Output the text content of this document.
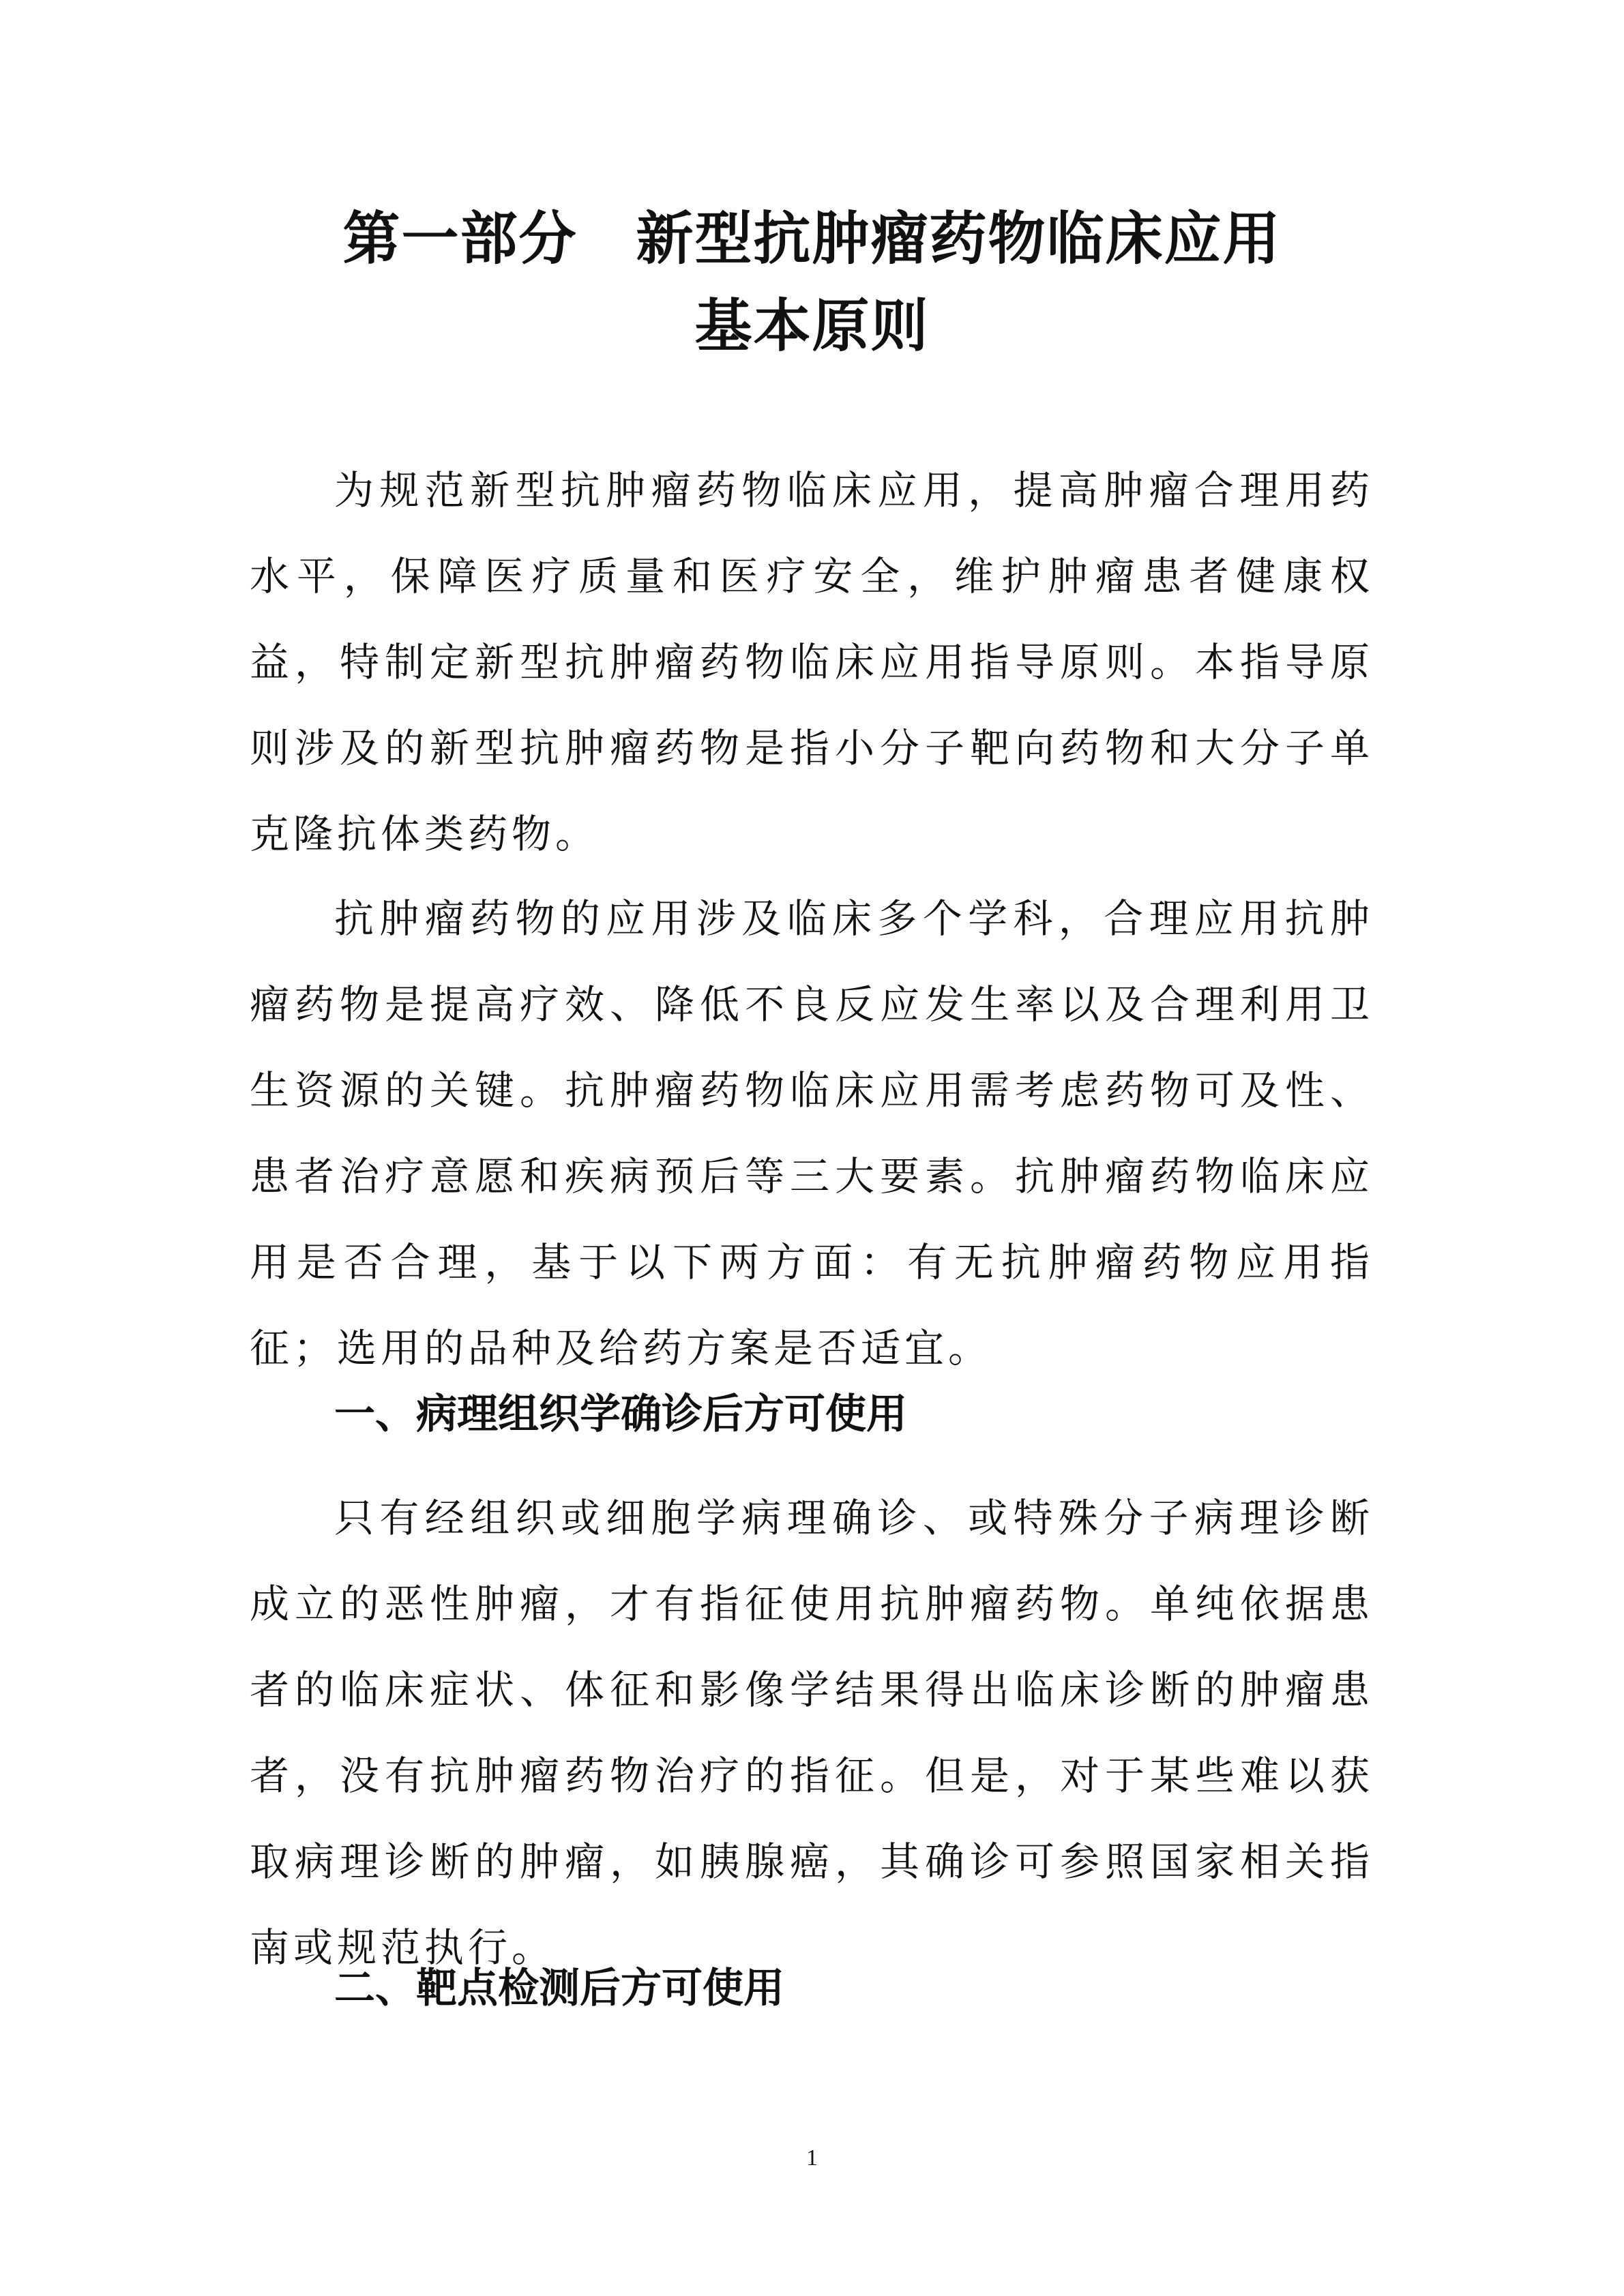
第一部分　新型抗肿瘤药物临床应用
基本原则

为规范新型抗肿瘤药物临床应用，提高肿瘤合理用药水平，保障医疗质量和医疗安全，维护肿瘤患者健康权益，特制定新型抗肿瘤药物临床应用指导原则。本指导原则涉及的新型抗肿瘤药物是指小分子靶向药物和大分子单克隆抗体类药物。

抗肿瘤药物的应用涉及临床多个学科，合理应用抗肿瘤药物是提高疗效、降低不良反应发生率以及合理利用卫生资源的关键。抗肿瘤药物临床应用需考虑药物可及性、患者治疗意愿和疾病预后等三大要素。抗肿瘤药物临床应用是否合理，基于以下两方面：有无抗肿瘤药物应用指征；选用的品种及给药方案是否适宜。

一、病理组织学确诊后方可使用

只有经组织或细胞学病理确诊、或特殊分子病理诊断成立的恶性肿瘤，才有指征使用抗肿瘤药物。单纯依据患者的临床症状、体征和影像学结果得出临床诊断的肿瘤患者，没有抗肿瘤药物治疗的指征。但是，对于某些难以获取病理诊断的肿瘤，如胰腺癌，其确诊可参照国家相关指南或规范执行。

二、靶点检测后方可使用
1
